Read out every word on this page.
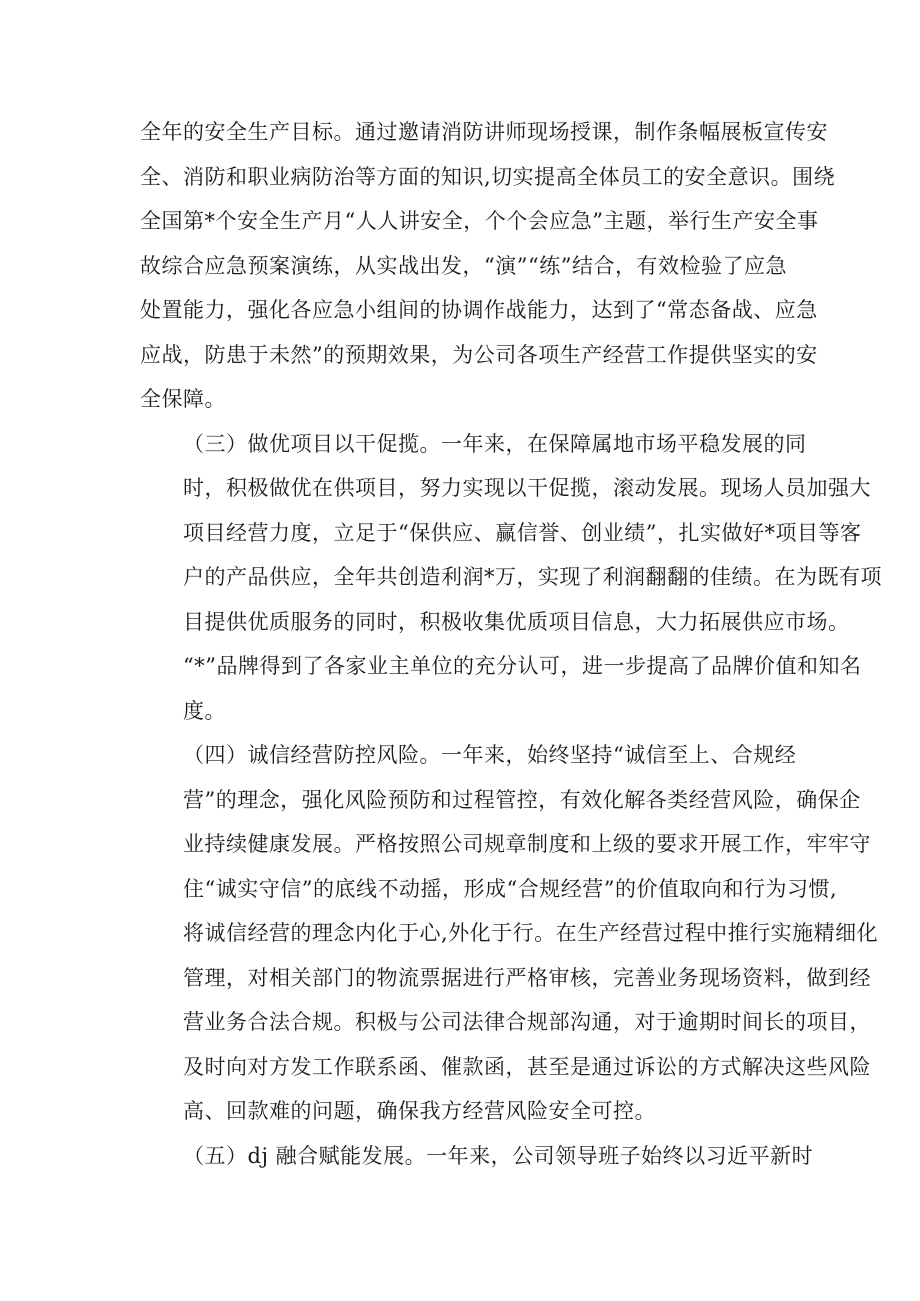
全年的安全生产目标。通过邀请消防讲师现场授课，制作条幅展板宣传安
全、消防和职业病防治等方面的知识,切实提高全体员工的安全意识。围绕
全国第*个安全生产月“人人讲安全，个个会应急”主题，举行生产安全事
故综合应急预案演练，从实战出发，“演”“练”结合，有效检验了应急
处置能力，强化各应急小组间的协调作战能力，达到了“常态备战、应急
应战，防患于未然”的预期效果，为公司各项生产经营工作提供坚实的安
全保障。
（三）做优项目以干促揽。一年来，在保障属地市场平稳发展的同
时，积极做优在供项目，努力实现以干促揽，滚动发展。现场人员加强大
项目经营力度，立足于“保供应、赢信誉、创业绩”，扎实做好*项目等客
户的产品供应，全年共创造利润*万，实现了利润翻翻的佳绩。在为既有项
目提供优质服务的同时，积极收集优质项目信息，大力拓展供应市场。
“*”品牌得到了各家业主单位的充分认可，进一步提高了品牌价值和知名
度。
（四）诚信经营防控风险。一年来，始终坚持“诚信至上、合规经
营”的理念，强化风险预防和过程管控，有效化解各类经营风险，确保企
业持续健康发展。严格按照公司规章制度和上级的要求开展工作，牢牢守
住“诚实守信”的底线不动摇，形成“合规经营”的价值取向和行为习惯,
将诚信经营的理念内化于心,外化于行。在生产经营过程中推行实施精细化
管理，对相关部门的物流票据进行严格审核，完善业务现场资料，做到经
营业务合法合规。积极与公司法律合规部沟通，对于逾期时间长的项目，
及时向对方发工作联系函、催款函，甚至是通过诉讼的方式解决这些风险
高、回款难的问题，确保我方经营风险安全可控。
（五）dj 融合赋能发展。一年来，公司领导班子始终以习近平新时
